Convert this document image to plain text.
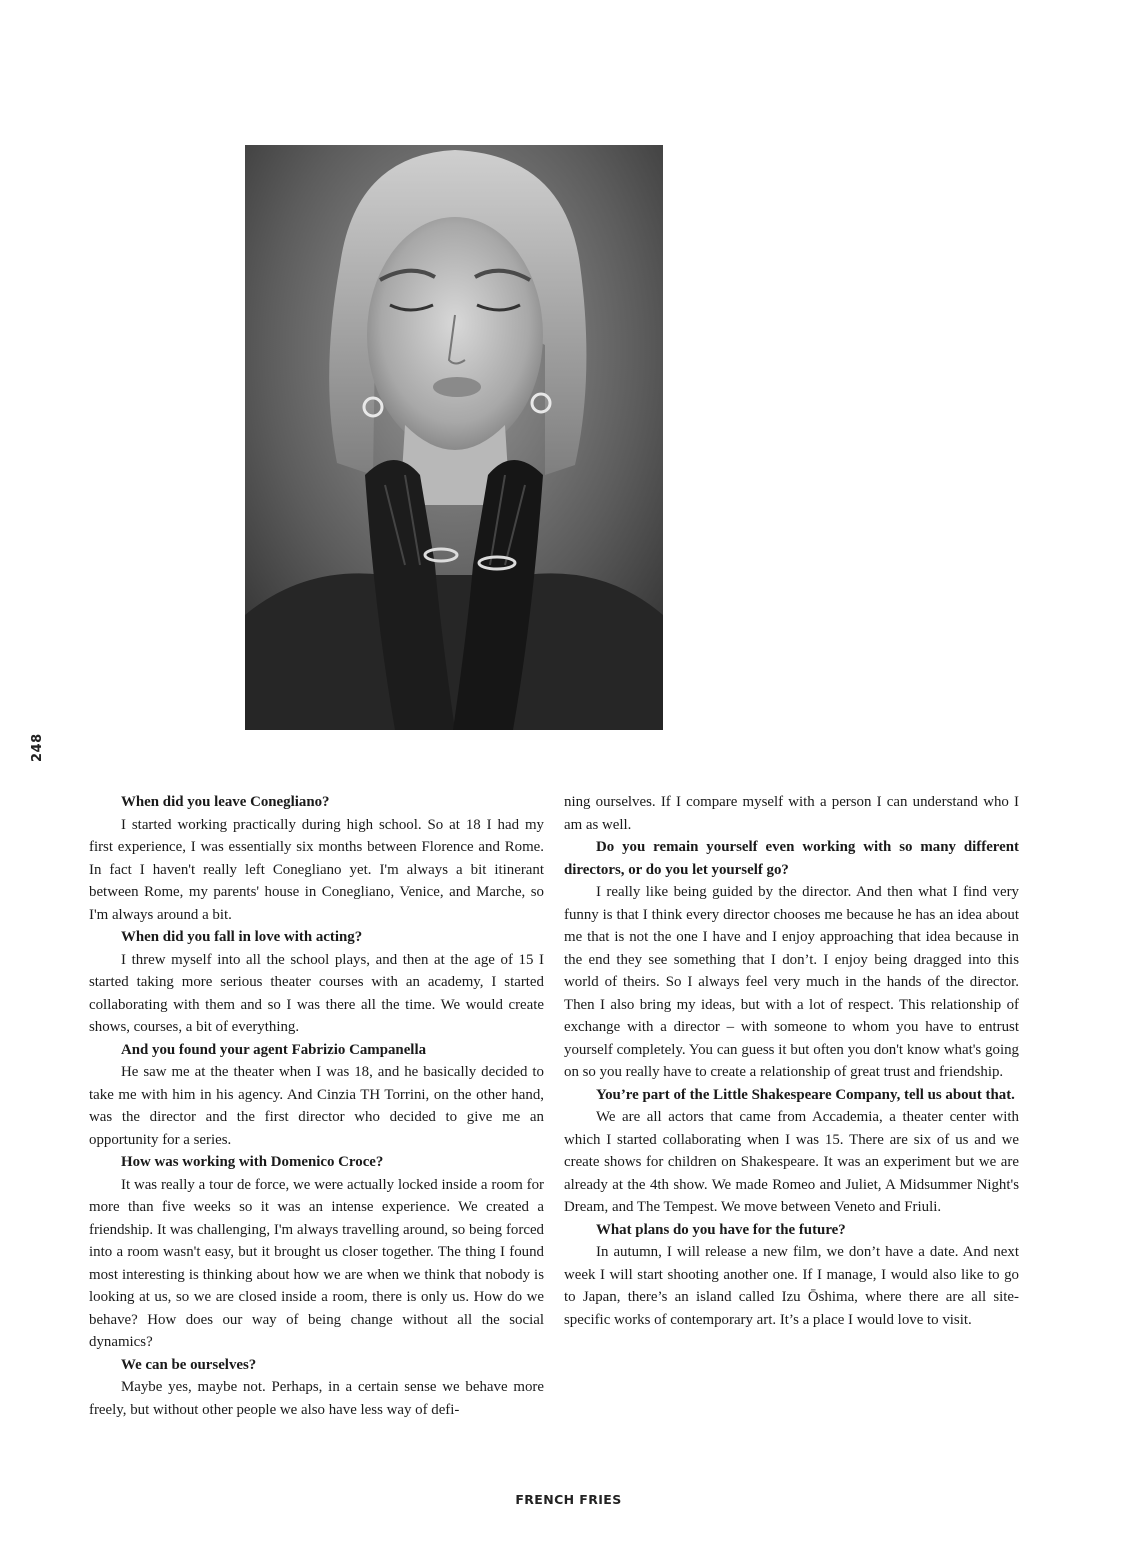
248

When did you leave Conegliano?

I started working practically during high school. So at 18 I had my first experience, I was essentially six months between Florence and Rome. In fact I haven't really left Conegliano yet. I'm always a bit itinerant between Rome, my parents' house in Conegliano, Venice, and Marche, so I'm always around a bit.

When did you fall in love with acting?

I threw myself into all the school plays, and then at the age of 15 I started taking more serious theater courses with an academy, I started collaborating with them and so I was there all the time. We would create shows, courses, a bit of everything.

And you found your agent Fabrizio Campanella

He saw me at the theater when I was 18, and he basically decided to take me with him in his agency. And Cinzia TH Torrini, on the other hand, was the director and the first director who decided to give me an opportunity for a series.

How was working with Domenico Croce?

It was really a tour de force, we were actually locked inside a room for more than five weeks so it was an intense experience. We created a friendship. It was challenging, I'm always travelling around, so being forced into a room wasn't easy, but it brought us closer together. The thing I found most interesting is thinking about how we are when we think that nobody is looking at us, so we are closed inside a room, there is only us. How do we behave? How does our way of being change without all the social dynamics?

We can be ourselves?

Maybe yes, maybe not. Perhaps, in a certain sense we behave more freely, but without other people we also have less way of defi-

ning ourselves. If I compare myself with a person I can understand who I am as well.

Do you remain yourself even working with so many different directors, or do you let yourself go?

I really like being guided by the director. And then what I find very funny is that I think every director chooses me because he has an idea about me that is not the one I have and I enjoy approaching that idea because in the end they see something that I don’t. I enjoy being dragged into this world of theirs. So I always feel very much in the hands of the director. Then I also bring my ideas, but with a lot of respect. This relationship of exchange with a director – with someone to whom you have to entrust yourself completely. You can guess it but often you don't know what's going on so you really have to create a relationship of great trust and friendship.

You’re part of the Little Shakespeare Company, tell us about that.

We are all actors that came from Accademia, a theater center with which I started collaborating when I was 15. There are six of us and we create shows for children on Shakespeare. It was an experiment but we are already at the 4th show. We made Romeo and Juliet, A Midsummer Night's Dream, and The Tempest. We move between Veneto and Friuli.

What plans do you have for the future?

In autumn, I will release a new film, we don’t have a date. And next week I will start shooting another one. If I manage, I would also like to go to Japan, there’s an island called Izu Ōshima, where there are all site-specific works of contemporary art. It’s a place I would love to visit.

FRENCH FRIES
